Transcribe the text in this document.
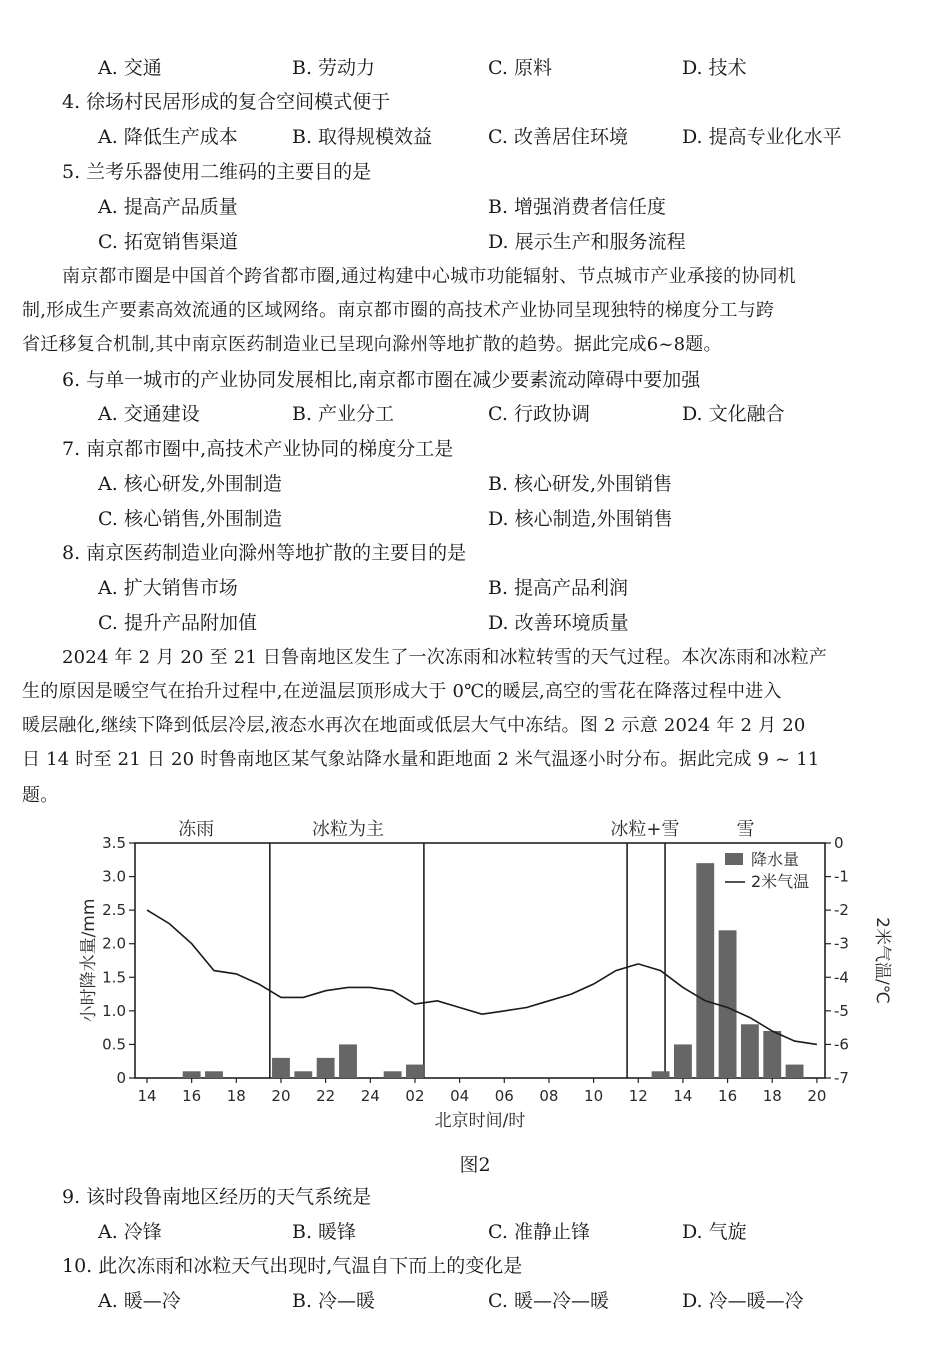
A. 交通	B. 劳动力	C. 原料	D. 技术
4. 徐场村民居形成的复合空间模式便于
A. 降低生产成本	B. 取得规模效益	C. 改善居住环境	D. 提高专业化水平
5. 兰考乐器使用二维码的主要目的是
A. 提高产品质量	B. 增强消费者信任度
C. 拓宽销售渠道	D. 展示生产和服务流程
南京都市圈是中国首个跨省都市圈,通过构建中心城市功能辐射、节点城市产业承接的协同机
制,形成生产要素高效流通的区域网络。南京都市圈的高技术产业协同呈现独特的梯度分工与跨
省迁移复合机制,其中南京医药制造业已呈现向滁州等地扩散的趋势。据此完成6~8题。
6. 与单一城市的产业协同发展相比,南京都市圈在减少要素流动障碍中要加强
A. 交通建设	B. 产业分工	C. 行政协调	D. 文化融合
7. 南京都市圈中,高技术产业协同的梯度分工是
A. 核心研发,外围制造	B. 核心研发,外围销售
C. 核心销售,外围制造	D. 核心制造,外围销售
8. 南京医药制造业向滁州等地扩散的主要目的是
A. 扩大销售市场	B. 提高产品利润
C. 提升产品附加值	D. 改善环境质量
2024 年 2 月 20 至 21 日鲁南地区发生了一次冻雨和冰粒转雪的天气过程。本次冻雨和冰粒产
生的原因是暖空气在抬升过程中,在逆温层顶形成大于 0℃的暖层,高空的雪花在降落过程中进入
暖层融化,继续下降到低层冷层,液态水再次在地面或低层大气中冻结。图 2 示意 2024 年 2 月 20
日 14 时至 21 日 20 时鲁南地区某气象站降水量和距地面 2 米气温逐小时分布。据此完成 9 ~ 11
题。
0
0.5
1.0
1.5
2.0
2.5
3.0
3.5	0
-1
-2
-3
-4
-5
-6
-7
14 16 18 20 22 24 02 04 06 08 10 12 14 16 18 20
北京时间/时
小时降水量/mm	2米气温/℃
冻雨	冰粒为主	冰粒+雪	雪
降水量
2米气温
图2
9. 该时段鲁南地区经历的天气系统是
A. 冷锋	B. 暖锋	C. 准静止锋	D. 气旋
10. 此次冻雨和冰粒天气出现时,气温自下而上的变化是
A. 暖—冷	C. 暖—冷—暖
B. 冷—暖	D. 冷—暖—冷
